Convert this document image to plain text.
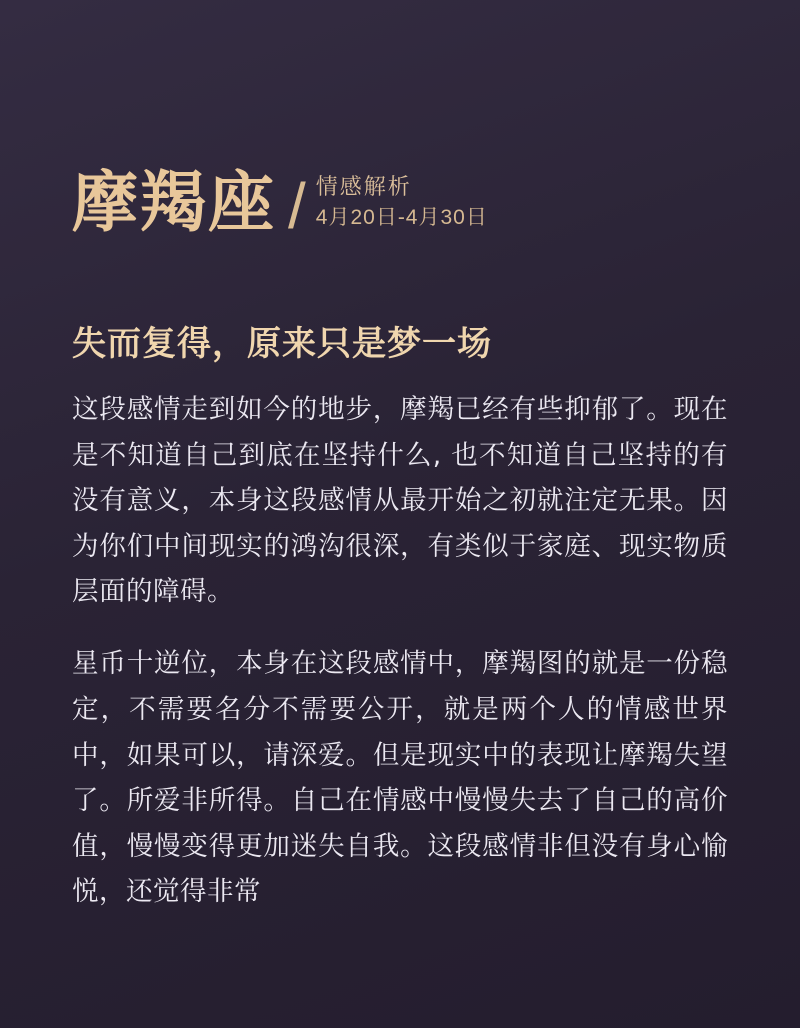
摩羯座 / 情感解析
4月20日-4月30日
失而复得，原来只是梦一场

这段感情走到如今的地步，摩羯已经有些抑郁了。现在是不知道自己到底在坚持什么, 也不知道自己坚持的有没有意义，本身这段感情从最开始之初就注定无果。因为你们中间现实的鸿沟很深，有类似于家庭、现实物质层面的障碍。

星币十逆位，本身在这段感情中，摩羯图的就是一份稳定，不需要名分不需要公开，就是两个人的情感世界中，如果可以，请深爱。但是现实中的表现让摩羯失望了。所爱非所得。自己在情感中慢慢失去了自己的高价值，慢慢变得更加迷失自我。这段感情非但没有身心愉悦，还觉得非常
